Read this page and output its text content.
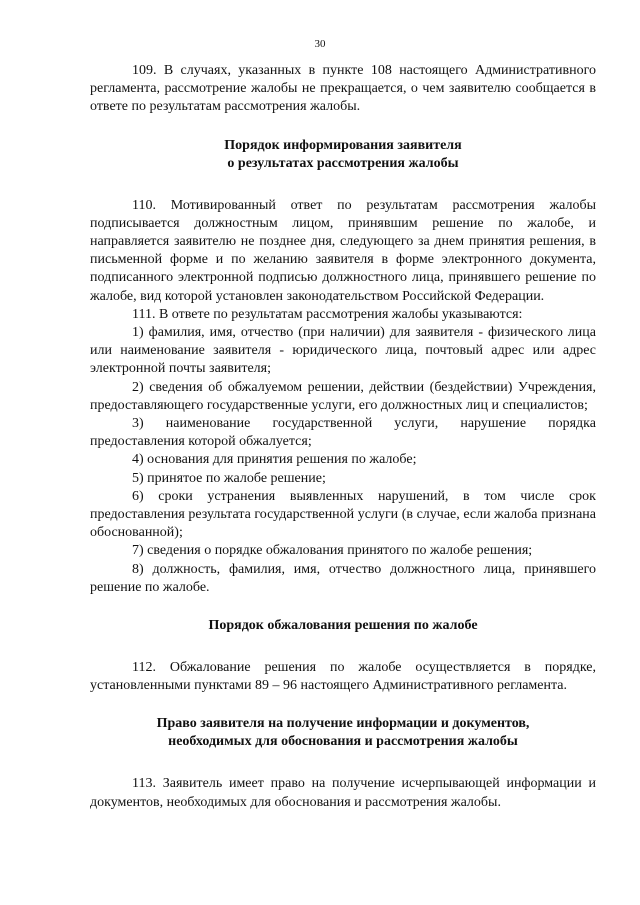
30

109. В случаях, указанных в пункте 108 настоящего Административного регламента, рассмотрение жалобы не прекращается, о чем заявителю сообщается в ответе по результатам рассмотрения жалобы.

Порядок информирования заявителя
о результатах рассмотрения жалобы

110. Мотивированный ответ по результатам рассмотрения жалобы подписывается должностным лицом, принявшим решение по жалобе, и направляется заявителю не позднее дня, следующего за днем принятия решения, в письменной форме и по желанию заявителя в форме электронного документа, подписанного электронной подписью должностного лица, принявшего решение по жалобе, вид которой установлен законодательством Российской Федерации.

111. В ответе по результатам рассмотрения жалобы указываются:

1) фамилия, имя, отчество (при наличии) для заявителя - физического лица или наименование заявителя - юридического лица, почтовый адрес или адрес электронной почты заявителя;

2) сведения об обжалуемом решении, действии (бездействии) Учреждения, предоставляющего государственные услуги, его должностных лиц и специалистов;

3) наименование государственной услуги, нарушение порядка предоставления которой обжалуется;

4) основания для принятия решения по жалобе;

5) принятое по жалобе решение;

6) сроки устранения выявленных нарушений, в том числе срок предоставления результата государственной услуги (в случае, если жалоба признана обоснованной);

7) сведения о порядке обжалования принятого по жалобе решения;

8) должность, фамилия, имя, отчество должностного лица, принявшего решение по жалобе.

Порядок обжалования решения по жалобе

112. Обжалование решения по жалобе осуществляется в порядке, установленными пунктами 89 – 96 настоящего Административного регламента.

Право заявителя на получение информации и документов,
необходимых для обоснования и рассмотрения жалобы

113. Заявитель имеет право на получение исчерпывающей информации и документов, необходимых для обоснования и рассмотрения жалобы.
